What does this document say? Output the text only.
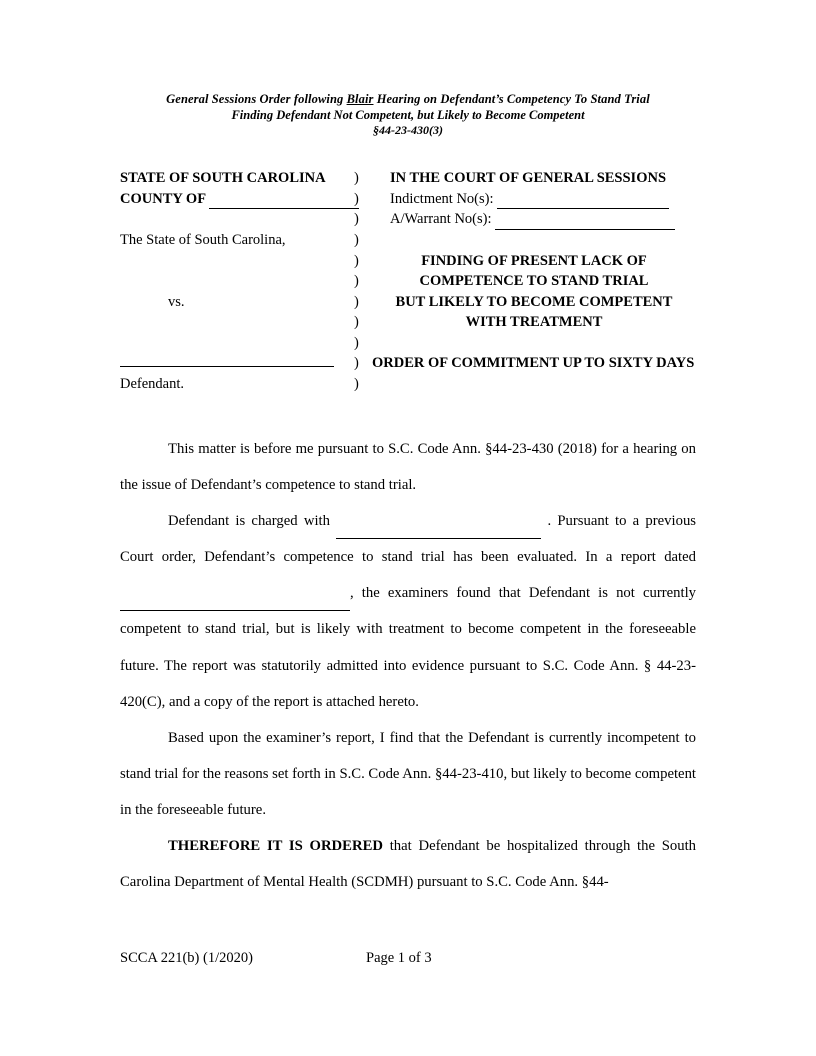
General Sessions Order following Blair Hearing on Defendant’s Competency To Stand Trial
Finding Defendant Not Competent, but Likely to Become Competent
§44-23-430(3)
STATE OF SOUTH CAROLINA
COUNTY OF

The State of South Carolina,

vs.

Defendant.
)
)
)
)
)
)
)
)
)
)
)
IN THE COURT OF GENERAL SESSIONS
Indictment No(s):
A/Warrant No(s):

FINDING OF PRESENT LACK OF
COMPETENCE TO STAND TRIAL
BUT LIKELY TO BECOME COMPETENT
WITH TREATMENT

ORDER OF COMMITMENT UP TO SIXTY DAYS

This matter is before me pursuant to S.C. Code Ann. §44-23-430 (2018) for a hearing on the issue of Defendant’s competence to stand trial.

Defendant is charged with	. Pursuant to a previous Court order, Defendant’s competence to stand trial has been evaluated. In a report dated , the examiners found that Defendant is not currently competent to stand trial, but is likely with treatment to become competent in the foreseeable future. The report was statutorily admitted into evidence pursuant to S.C. Code Ann. § 44-23-420(C), and a copy of the report is attached hereto.

Based upon the examiner’s report, I find that the Defendant is currently incompetent to stand trial for the reasons set forth in S.C. Code Ann. §44-23-410, but likely to become competent in the foreseeable future.

THEREFORE IT IS ORDERED that Defendant be hospitalized through the South Carolina Department of Mental Health (SCDMH) pursuant to S.C. Code Ann. §44-

SCCA 221(b) (1/2020)	Page 1 of 3
